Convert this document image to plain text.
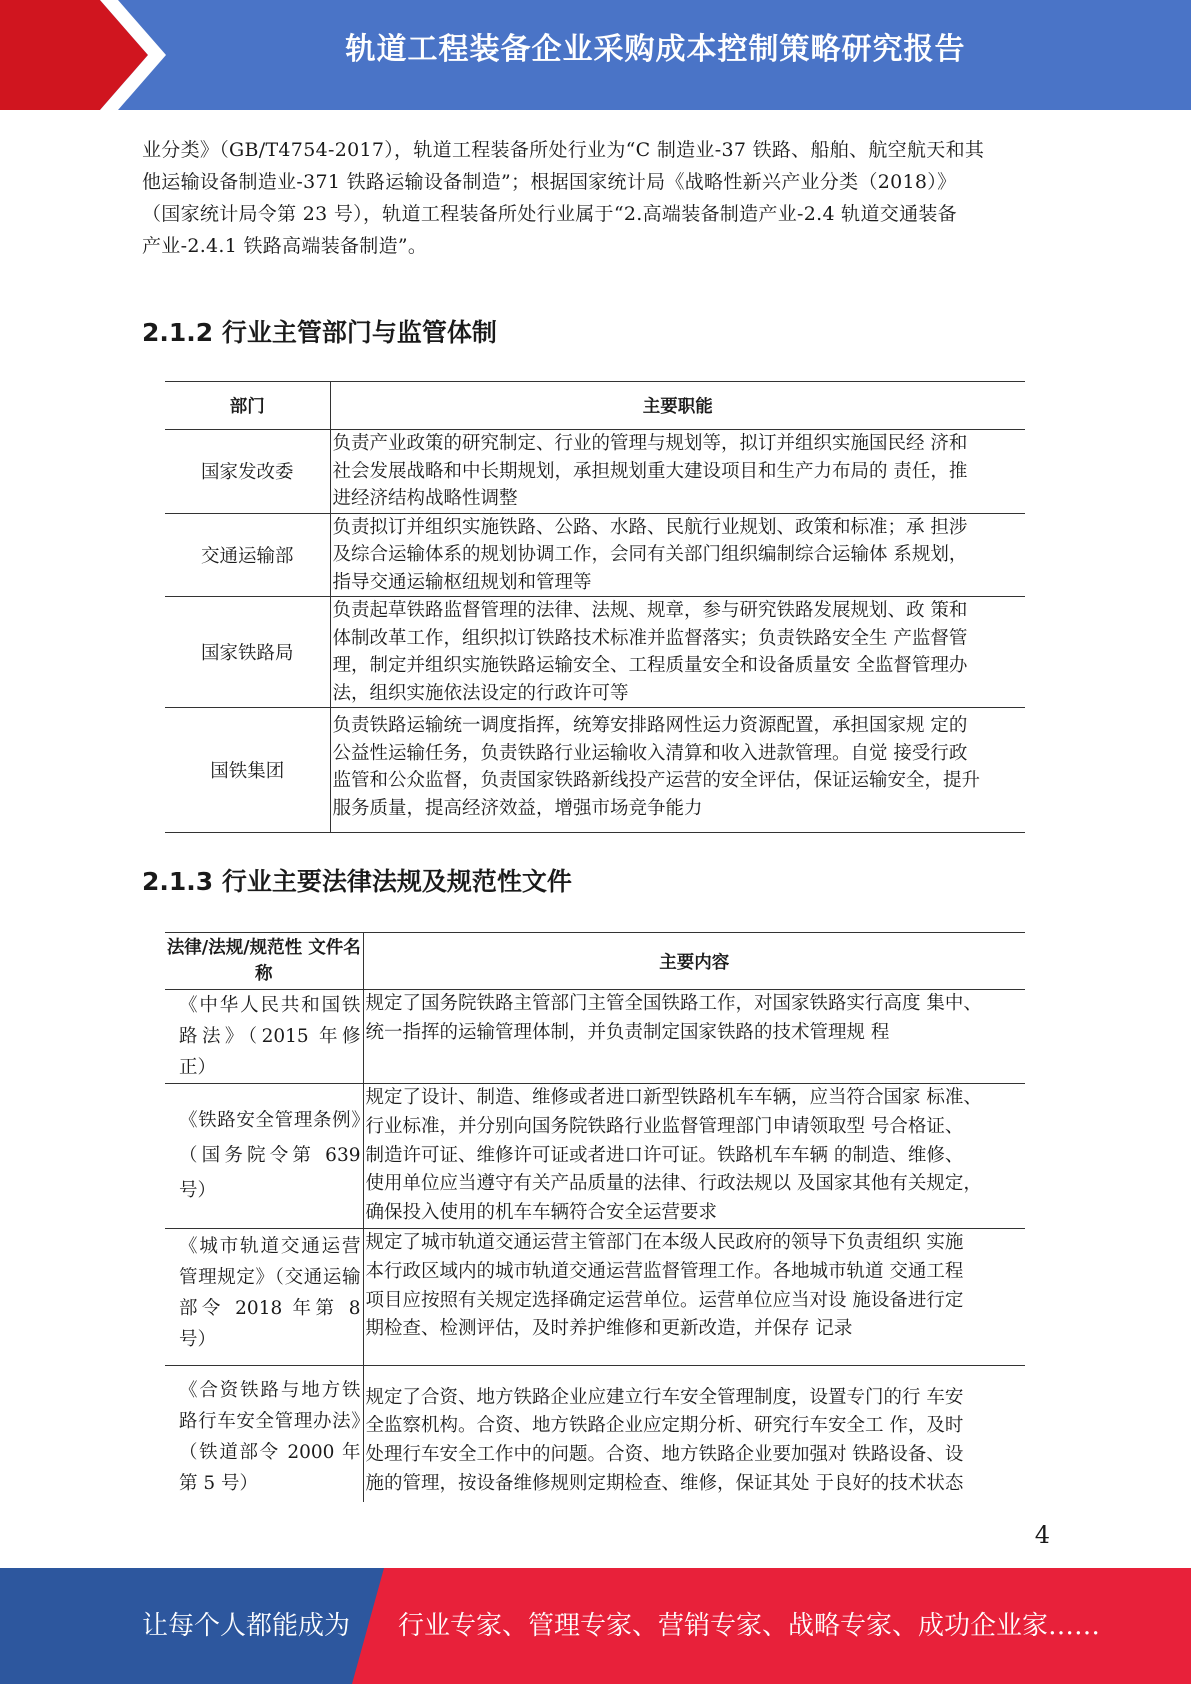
轨道工程装备企业采购成本控制策略研究报告

业分类》（GB/T4754-2017），轨道工程装备所处行业为“C 制造业-37 铁路、船舶、航空航天和其

他运输设备制造业-371 铁路运输设备制造”；根据国家统计局《战略性新兴产业分类（2018）》

（国家统计局令第 23 号），轨道工程装备所处行业属于“2.高端装备制造产业-2.4 轨道交通装备

产业-2.4.1 铁路高端装备制造”。

2.1.2 行业主管部门与监管体制
部门	主要职能
国家发改委	负责产业政策的研究制定、行业的管理与规划等，拟订并组织实施国民经 济和
社会发展战略和中长期规划，承担规划重大建设项目和生产力布局的 责任，推
进经济结构战略性调整

交通运输部	负责拟订并组织实施铁路、公路、水路、民航行业规划、政策和标准；承 担涉
及综合运输体系的规划协调工作，会同有关部门组织编制综合运输体 系规划，
指导交通运输枢纽规划和管理等

国家铁路局	负责起草铁路监督管理的法律、法规、规章，参与研究铁路发展规划、政 策和
体制改革工作，组织拟订铁路技术标准并监督落实；负责铁路安全生 产监督管
理，制定并组织实施铁路运输安全、工程质量安全和设备质量安 全监督管理办
法，组织实施依法设定的行政许可等

国铁集团	负责铁路运输统一调度指挥，统筹安排路网性运力资源配置，承担国家规 定的
公益性运输任务，负责铁路行业运输收入清算和收入进款管理。自觉 接受行政
监管和公众监督，负责国家铁路新线投产运营的安全评估，保证运输安全，提升
服务质量，提高经济效益，增强市场竞争能力
2.1.3 行业主要法律法规及规范性文件
法律/法规/规范性 文件名称	主要内容
《中华人民共和国铁路法》（2015 年修正）	规定了国务院铁路主管部门主管全国铁路工作，对国家铁路实行高度 集中、
统一指挥的运输管理体制，并负责制定国家铁路的技术管理规 程

《铁路安全管理条例》（国务院令第 639 号）	规定了设计、制造、维修或者进口新型铁路机车车辆，应当符合国家 标准、
行业标准，并分别向国务院铁路行业监督管理部门申请领取型 号合格证、
制造许可证、维修许可证或者进口许可证。铁路机车车辆 的制造、维修、
使用单位应当遵守有关产品质量的法律、行政法规以 及国家其他有关规定，
确保投入使用的机车车辆符合安全运营要求

《城市轨道交通运营管理规定》（交通运输部令 2018 年第 8 号）	规定了城市轨道交通运营主管部门在本级人民政府的领导下负责组织 实施
本行政区域内的城市轨道交通运营监督管理工作。各地城市轨道 交通工程
项目应按照有关规定选择确定运营单位。运营单位应当对设 施设备进行定
期检查、检测评估，及时养护维修和更新改造，并保存 记录

《合资铁路与地方铁路行车安全管理办法》（铁道部令 2000 年第 5 号）	规定了合资、地方铁路企业应建立行车安全管理制度，设置专门的行 车安
全监察机构。合资、地方铁路企业应定期分析、研究行车安全工 作，及时
处理行车安全工作中的问题。合资、地方铁路企业要加强对 铁路设备、设
施的管理，按设备维修规则定期检查、维修，保证其处 于良好的技术状态
4
让每个人都能成为 行业专家、管理专家、营销专家、战略专家、成功企业家……
